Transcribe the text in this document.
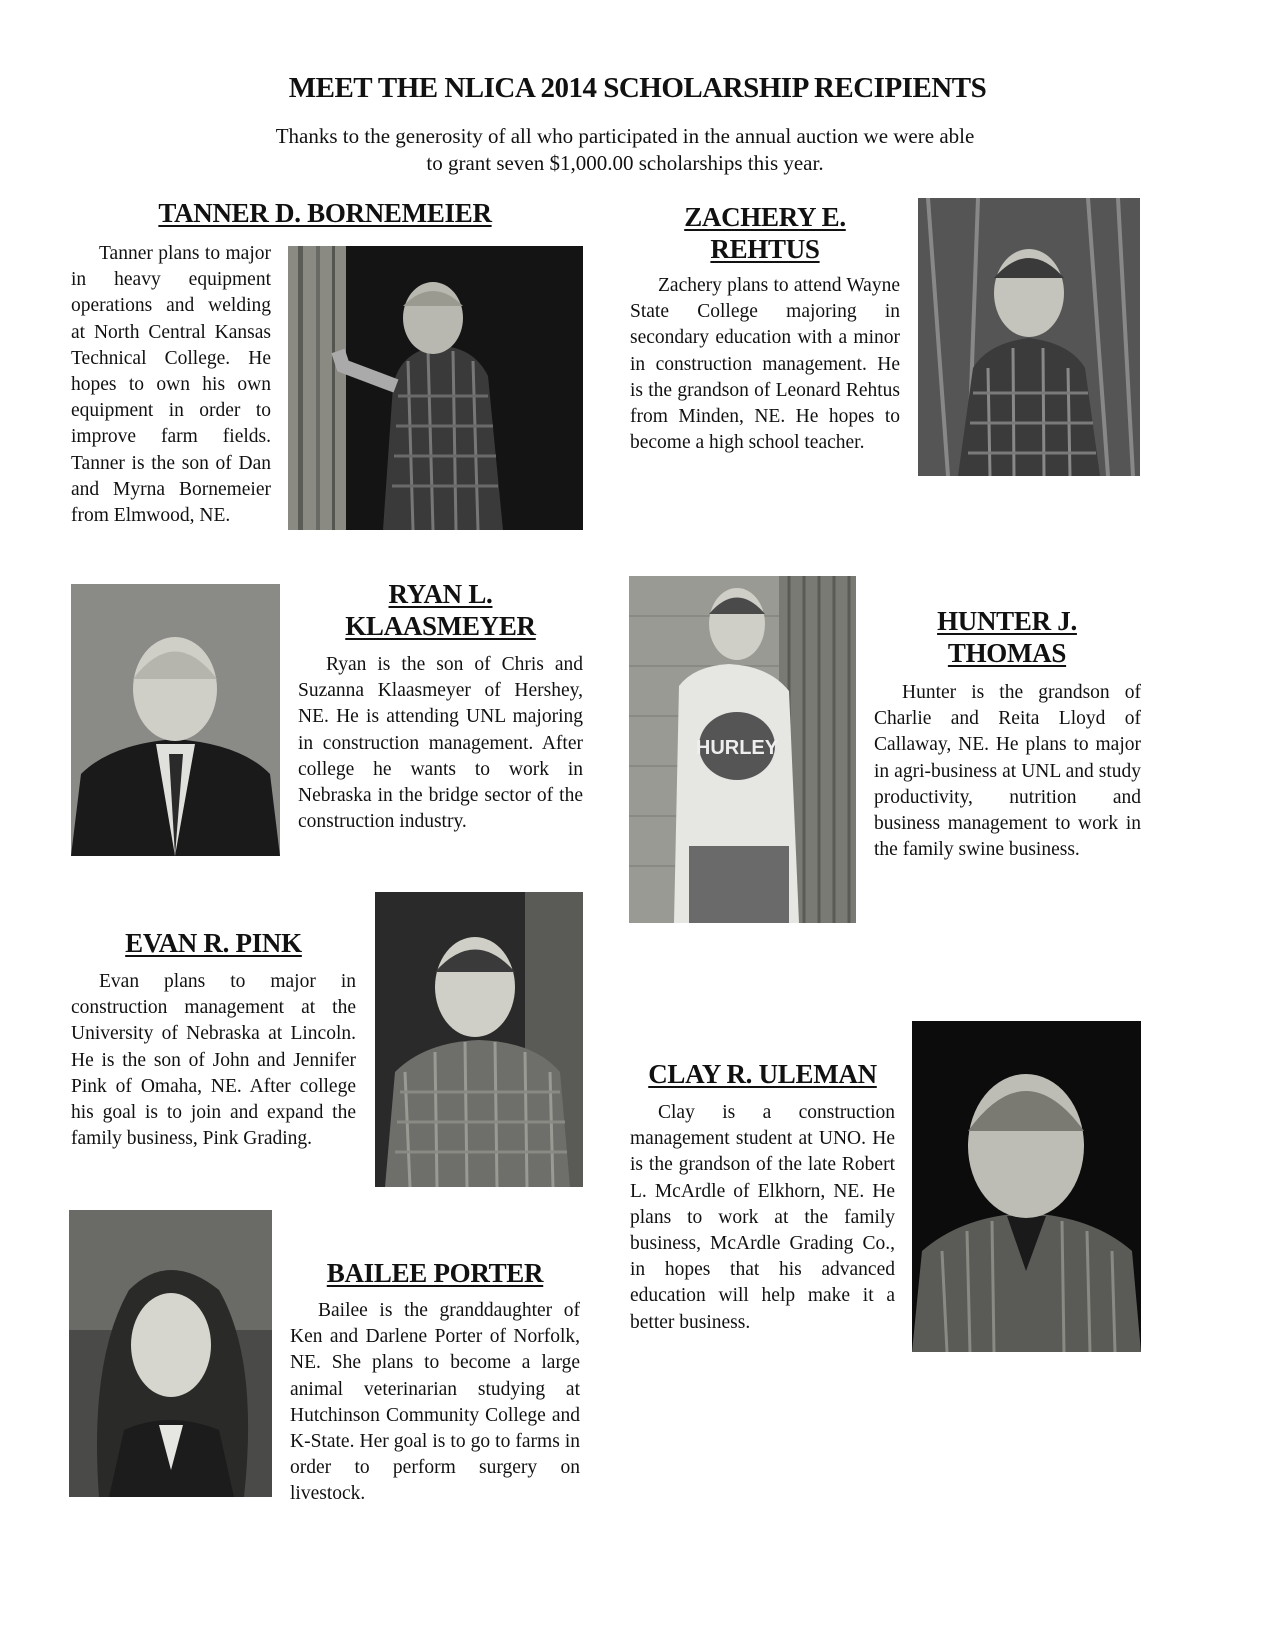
MEET THE NLICA 2014 SCHOLARSHIP RECIPIENTS
Thanks to the generosity of all who participated in the annual auction we were able
to grant seven $1,000.00 scholarships this year.
TANNER D. BORNEMEIER

Tanner plans to major in heavy equipment operations and welding at North Central Kansas Technical College. He hopes to own his own equipment in order to improve farm fields. Tanner is the son of Dan and Myrna Bornemeier from Elmwood, NE.

ZACHERY E.
REHTUS

Zachery plans to attend Wayne State College majoring in secondary education with a minor in construction management. He is the grandson of Leonard Rehtus from Minden, NE. He hopes to become a high school teacher.

RYAN L.
KLAASMEYER

Ryan is the son of Chris and Suzanna Klaasmeyer of Hershey, NE. He is attending UNL majoring in construction management. After college he wants to work in Nebraska in the bridge sector of the construction industry.

HURLEY
HUNTER J.
THOMAS

Hunter is the grandson of Charlie and Reita Lloyd of Callaway, NE. He plans to major in agri-business at UNL and study productivity, nutrition and business management to work in the family swine business.

EVAN R. PINK

Evan plans to major in construction management at the University of Nebraska at Lincoln. He is the son of John and Jennifer Pink of Omaha, NE. After college his goal is to join and expand the family business, Pink Grading.

CLAY R. ULEMAN

Clay is a construction management student at UNO. He is the grandson of the late Robert L. McArdle of Elkhorn, NE. He plans to work at the family business, McArdle Grading Co., in hopes that his advanced education will help make it a better business.

BAILEE PORTER

Bailee is the granddaughter of Ken and Darlene Porter of Norfolk, NE. She plans to become a large animal veterinarian studying at Hutchinson Community College and K-State. Her goal is to go to farms in order to perform surgery on livestock.
